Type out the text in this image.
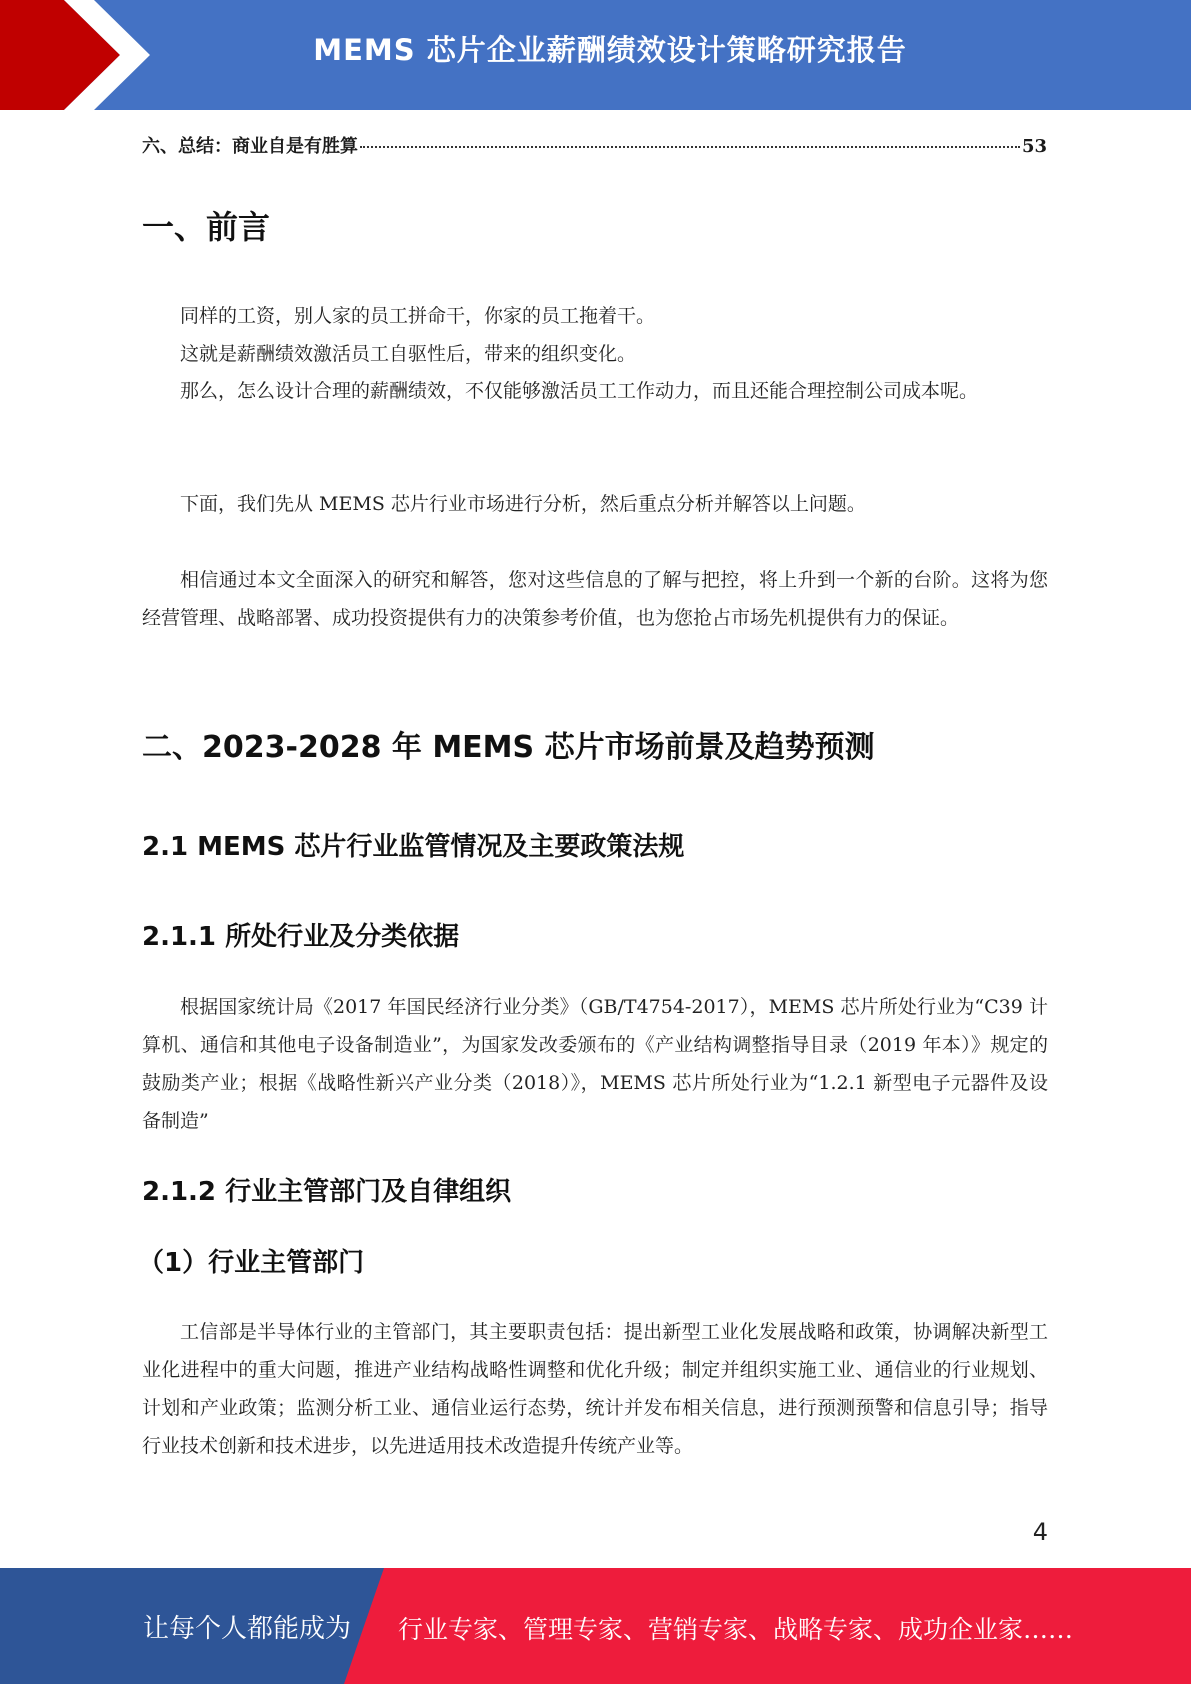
MEMS 芯片企业薪酬绩效设计策略研究报告
六、总结：商业自是有胜算	53
一、前言

同样的工资，别人家的员工拼命干，你家的员工拖着干。

这就是薪酬绩效激活员工自驱性后，带来的组织变化。

那么，怎么设计合理的薪酬绩效，不仅能够激活员工工作动力，而且还能合理控制公司成本呢。

下面，我们先从 MEMS 芯片行业市场进行分析，然后重点分析并解答以上问题。

相信通过本文全面深入的研究和解答，您对这些信息的了解与把控，将上升到一个新的台阶。这将为您经营管理、战略部署、成功投资提供有力的决策参考价值，也为您抢占市场先机提供有力的保证。

二、2023-2028 年 MEMS 芯片市场前景及趋势预测
2.1 MEMS 芯片行业监管情况及主要政策法规
2.1.1 所处行业及分类依据

根据国家统计局《2017 年国民经济行业分类》（GB/T4754-2017），MEMS 芯片所处行业为“C39 计算机、通信和其他电子设备制造业”，为国家发改委颁布的《产业结构调整指导目录（2019 年本）》规定的鼓励类产业；根据《战略性新兴产业分类（2018）》，MEMS 芯片所处行业为“1.2.1 新型电子元器件及设备制造”

2.1.2 行业主管部门及自律组织
（1）行业主管部门

工信部是半导体行业的主管部门，其主要职责包括：提出新型工业化发展战略和政策，协调解决新型工业化进程中的重大问题，推进产业结构战略性调整和优化升级；制定并组织实施工业、通信业的行业规划、计划和产业政策；监测分析工业、通信业运行态势，统计并发布相关信息，进行预测预警和信息引导；指导行业技术创新和技术进步，以先进适用技术改造提升传统产业等。

4
让每个人都能成为 行业专家、管理专家、营销专家、战略专家、成功企业家……
